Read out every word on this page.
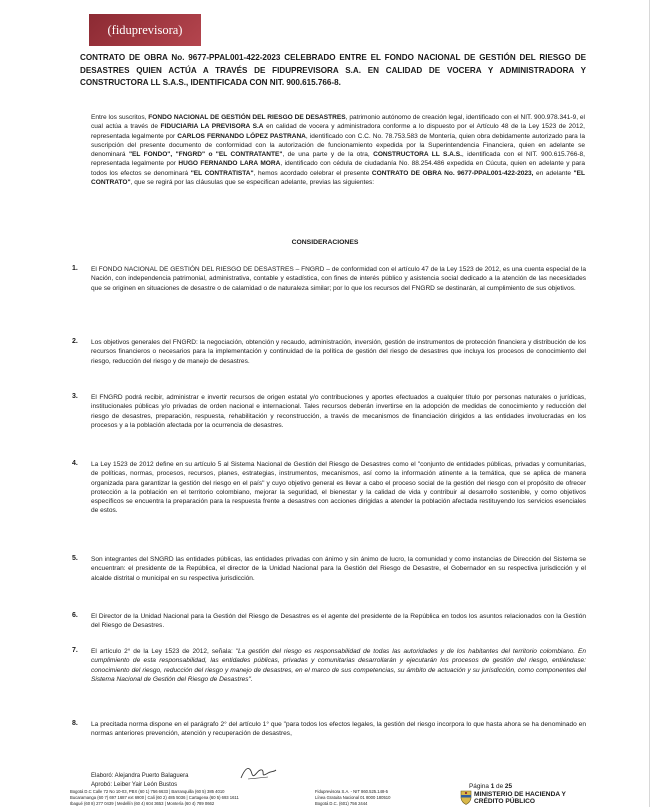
(fiduprevisora)
CONTRATO DE OBRA No. 9677-PPAL001-422-2023 CELEBRADO ENTRE EL FONDO NACIONAL DE GESTIÓN DEL RIESGO DE DESASTRES QUIEN ACTÚA A TRAVÉS DE FIDUPREVISORA S.A. EN CALIDAD DE VOCERA Y ADMINISTRADORA Y CONSTRUCTORA LL S.A.S., IDENTIFICADA CON NIT. 900.615.766-8.
Entre los suscritos, FONDO NACIONAL DE GESTIÓN DEL RIESGO DE DESASTRES, patrimonio autónomo de creación legal, identificado con el NIT. 900.978.341-9, el cual actúa a través de FIDUCIARIA LA PREVISORA S.A en calidad de vocera y administradora conforme a lo dispuesto por el Artículo 48 de la Ley 1523 de 2012, representada legalmente por CARLOS FERNANDO LÓPEZ PASTRANA, identificado con C.C. No. 78.753.583 de Montería, quien obra debidamente autorizado para la suscripción del presente documento de conformidad con la autorización de funcionamiento expedida por la Superintendencia Financiera, quien en adelante se denominará "EL FONDO", "FNGRD" o "EL CONTRATANTE", de una parte y de la otra, CONSTRUCTORA LL S.A.S., identificada con el NIT. 900.615.766-8, representada legalmente por HUGO FERNANDO LARA MORA, identificado con cédula de ciudadanía No. 88.254.486 expedida en Cúcuta, quien en adelante y para todos los efectos se denominará "EL CONTRATISTA", hemos acordado celebrar el presente CONTRATO DE OBRA No. 9677-PPAL001-422-2023, en adelante "EL CONTRATO", que se regirá por las cláusulas que se especifican adelante, previas las siguientes:
CONSIDERACIONES
1. El FONDO NACIONAL DE GESTIÓN DEL RIESGO DE DESASTRES – FNGRD – de conformidad con el artículo 47 de la Ley 1523 de 2012, es una cuenta especial de la Nación, con independencia patrimonial, administrativa, contable y estadística, con fines de interés público y asistencia social dedicado a la atención de las necesidades que se originen en situaciones de desastre o de calamidad o de naturaleza similar; por lo que los recursos del FNGRD se destinarán, al cumplimiento de sus objetivos.
2. Los objetivos generales del FNGRD: la negociación, obtención y recaudo, administración, inversión, gestión de instrumentos de protección financiera y distribución de los recursos financieros o necesarios para la implementación y continuidad de la política de gestión del riesgo de desastres que incluya los procesos de conocimiento del riesgo, reducción del riesgo y de manejo de desastres.
3. El FNGRD podrá recibir, administrar e invertir recursos de origen estatal y/o contribuciones y aportes efectuados a cualquier título por personas naturales o jurídicas, institucionales públicas y/o privadas de orden nacional e internacional. Tales recursos deberán invertirse en la adopción de medidas de conocimiento y reducción del riesgo de desastres, preparación, respuesta, rehabilitación y reconstrucción, a través de mecanismos de financiación dirigidos a las entidades involucradas en los procesos y a la población afectada por la ocurrencia de desastres.
4. La Ley 1523 de 2012 define en su artículo 5 al Sistema Nacional de Gestión del Riesgo de Desastres como el "conjunto de entidades públicas, privadas y comunitarias, de políticas, normas, procesos, recursos, planes, estrategias, instrumentos, mecanismos, así como la información atinente a la temática, que se aplica de manera organizada para garantizar la gestión del riesgo en el país" y cuyo objetivo general es llevar a cabo el proceso social de la gestión del riesgo con el propósito de ofrecer protección a la población en el territorio colombiano, mejorar la seguridad, el bienestar y la calidad de vida y contribuir al desarrollo sostenible, y como objetivos específicos se encuentra la preparación para la respuesta frente a desastres con acciones dirigidas a atender la población afectada restituyendo los servicios esenciales de estos.
5. Son integrantes del SNGRD las entidades públicas, las entidades privadas con ánimo y sin ánimo de lucro, la comunidad y como instancias de Dirección del Sistema se encuentran: el presidente de la República, el director de la Unidad Nacional para la Gestión del Riesgo de Desastre, el Gobernador en su respectiva jurisdicción y el alcalde distrital o municipal en su respectiva jurisdicción.
6. El Director de la Unidad Nacional para la Gestión del Riesgo de Desastres es el agente del presidente de la República en todos los asuntos relacionados con la Gestión del Riesgo de Desastres.
7. El artículo 2° de la Ley 1523 de 2012, señala: "La gestión del riesgo es responsabilidad de todas las autoridades y de los habitantes del territorio colombiano. En cumplimiento de esta responsabilidad, las entidades públicas, privadas y comunitarias desarrollarán y ejecutarán los procesos de gestión del riesgo, entiéndase: conocimiento del riesgo, reducción del riesgo y manejo de desastres, en el marco de sus competencias, su ámbito de actuación y su jurisdicción, como componentes del Sistema Nacional de Gestión del Riesgo de Desastres".
8. La precitada norma dispone en el parágrafo 2° del artículo 1° que "para todos los efectos legales, la gestión del riesgo incorpora lo que hasta ahora se ha denominado en normas anteriores prevención, atención y recuperación de desastres,
Elaboró: Alejandra Puerto Balaguera
Aprobó: Leiber Yair León Bustos	Página 1 de 25
Bogotá D.C Calle 72 No 10-03, PBX (60 1) 756 6633 | Barranquilla (60 5) 385 4010
Bucaramanga (60 7) 697 1687 ext 6900 | Cali (60 2) 485 5036 | Cartagena (60 5) 693 1611
Ibagué (60 8) 277 0439 | Medellín (60 4) 604 3653 | Montería (60 4) 789 0662
Fiduprevisora S.A. - NIT 860.525.148-5
Línea Gratuita Nacional 01 8000 180510
Bogotá D.C. (601) 756 2444
MINISTERIO DE HACIENDA Y
CRÉDITO PÚBLICO
